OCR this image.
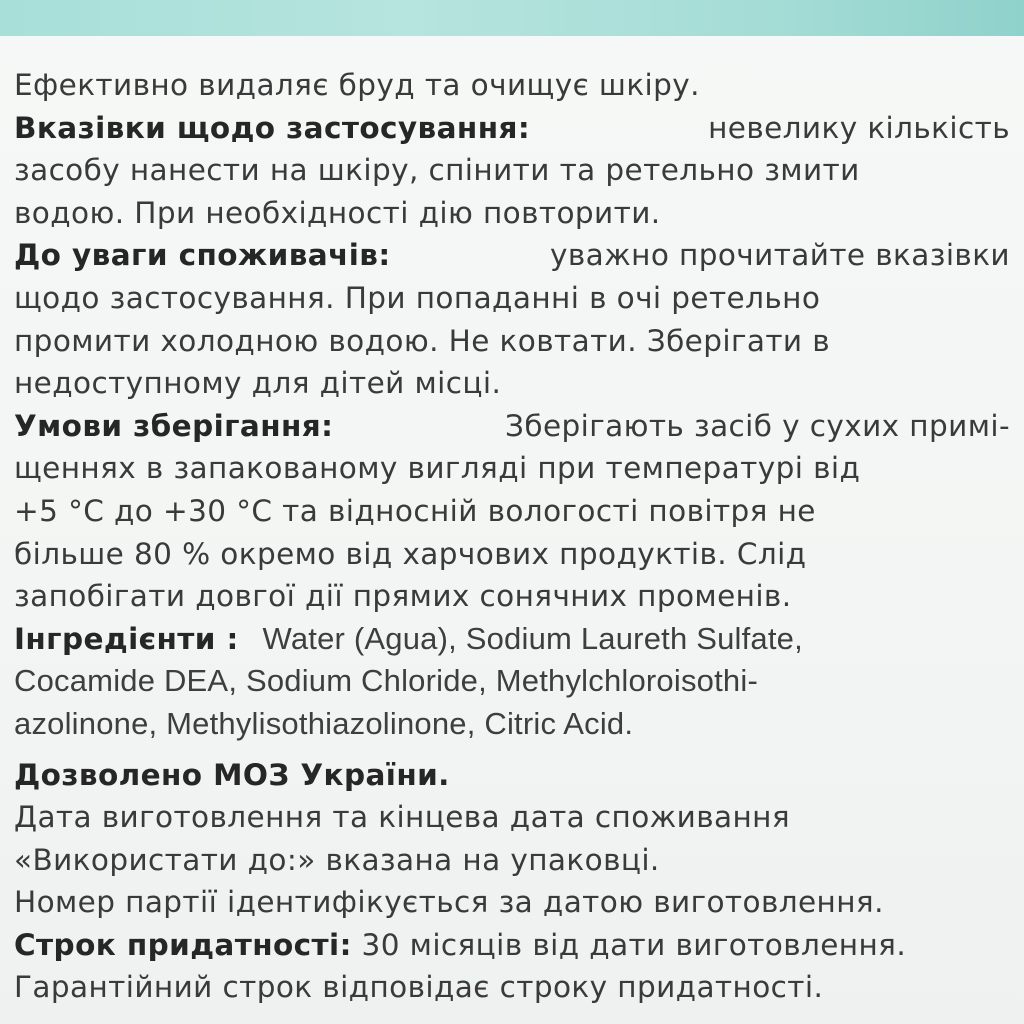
Ефективно видаляє бруд та очищує шкіру.
Вказівки щодо застосування:	невелику кількість
засобу нанести на шкіру, спінити та ретельно змити
водою. При необхідності дію повторити.
До уваги споживачів:	уважно прочитайте вказівки
щодо застосування. При попаданні в очі ретельно
промити холодною водою. Не ковтати. Зберігати в
недоступному для дітей місці.
Умови зберігання:	Зберігають засіб у сухих примі-
щеннях в запакованому вигляді при температурі від
+5 °С до +30 °С та відносній вологості повітря не
більше 80 % окремо від харчових продуктів. Слід
запобігати довгої дії прямих сонячних променів.
Інгредієнти : Water (Agua), Sodium Laureth Sulfate,
Cocamide DEA, Sodium Chloride, Methylchloroisothi-
azolinone, Methylisothiazolinone, Citric Acid.
Дозволено МОЗ України.
Дата виготовлення та кінцева дата споживання
«Використати до:» вказана на упаковці.
Номер партії ідентифікується за датою виготовлення.
Строк придатності: 30 місяців від дати виготовлення.
Гарантійний строк відповідає строку придатності.
